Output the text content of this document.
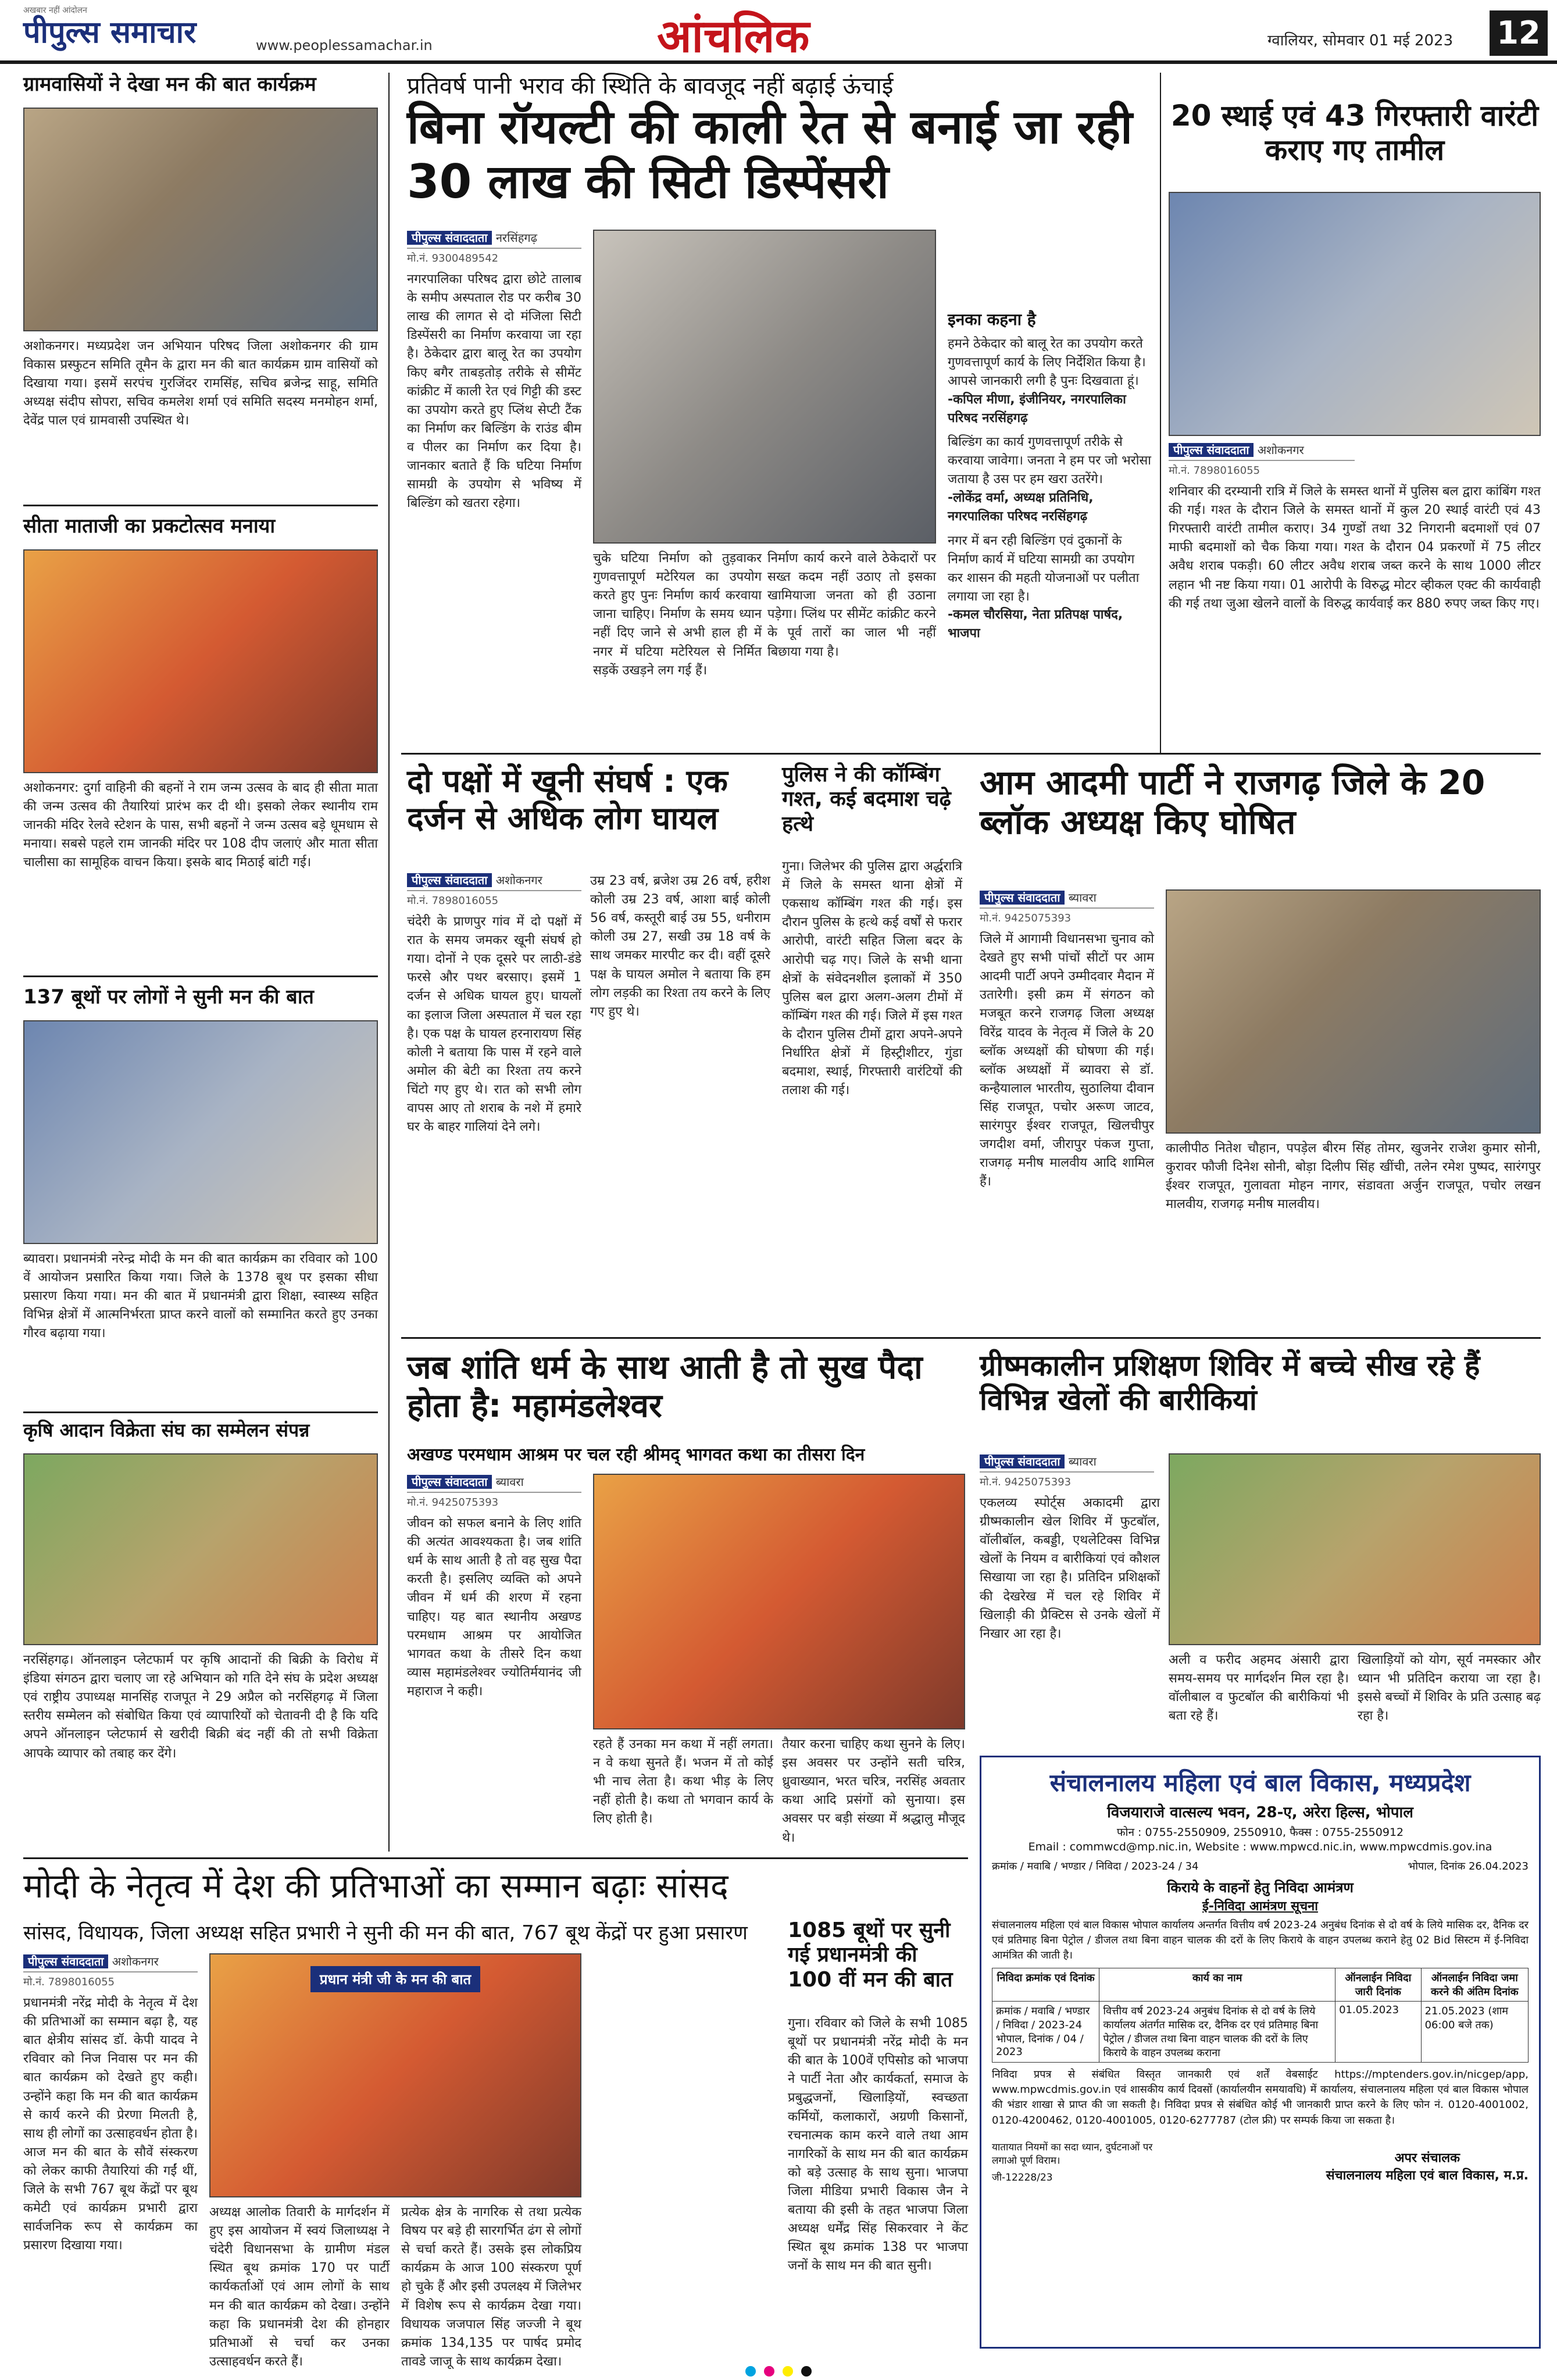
पीपुल्स समाचार
अखबार नहीं आंदोलन
www.peoplessamachar.in	आंचलिक	ग्वालियर, सोमवार 01 मई 2023 12
ग्रामवासियों ने देखा मन की बात कार्यक्रम
अशोकनगर। मध्यप्रदेश जन अभियान परिषद जिला अशोकनगर की ग्राम विकास प्रस्फुटन समिति तूमैन के द्वारा मन की बात कार्यक्रम ग्राम वासियों को दिखाया गया। इसमें सरपंच गुरजिंदर रामसिंह, सचिव ब्रजेन्द्र साहू, समिति अध्यक्ष संदीप सोपरा, सचिव कमलेश शर्मा एवं समिति सदस्य मनमोहन शर्मा, देवेंद्र पाल एवं ग्रामवासी उपस्थित थे।
सीता माताजी का प्रकटोत्सव मनाया
अशोकनगर: दुर्गा वाहिनी की बहनों ने राम जन्म उत्सव के बाद ही सीता माता की जन्म उत्सव की तैयारियां प्रारंभ कर दी थी। इसको लेकर स्थानीय राम जानकी मंदिर रेलवे स्टेशन के पास, सभी बहनों ने जन्म उत्सव बड़े धूमधाम से मनाया। सबसे पहले राम जानकी मंदिर पर 108 दीप जलाएं और माता सीता चालीसा का सामूहिक वाचन किया। इसके बाद मिठाई बांटी गई।
137 बूथों पर लोगों ने सुनी मन की बात
ब्यावरा। प्रधानमंत्री नरेन्द्र मोदी के मन की बात कार्यक्रम का रविवार को 100 वें आयोजन प्रसारित किया गया। जिले के 1378 बूथ पर इसका सीधा प्रसारण किया गया। मन की बात में प्रधानमंत्री द्वारा शिक्षा, स्वास्थ्य सहित विभिन्न क्षेत्रों में आत्मनिर्भरता प्राप्त करने वालों को सम्मानित करते हुए उनका गौरव बढ़ाया गया।
कृषि आदान विक्रेता संघ का सम्मेलन संपन्न
नरसिंहगढ़। ऑनलाइन प्लेटफार्म पर कृषि आदानों की बिक्री के विरोध में इंडिया संगठन द्वारा चलाए जा रहे अभियान को गति देने संघ के प्रदेश अध्यक्ष एवं राष्ट्रीय उपाध्यक्ष मानसिंह राजपूत ने 29 अप्रैल को नरसिंहगढ़ में जिला स्तरीय सम्मेलन को संबोधित किया एवं व्यापारियों को चेतावनी दी है कि यदि अपने ऑनलाइन प्लेटफार्म से खरीदी बिक्री बंद नहीं की तो सभी विक्रेता आपके व्यापार को तबाह कर देंगे।
प्रतिवर्ष पानी भराव की स्थिति के बावजूद नहीं बढ़ाई ऊंचाई
बिना रॉयल्टी की काली रेत से बनाई जा रही 30 लाख की सिटी डिस्पेंसरी
पीपुल्स संवाददाता नरसिंहगढ़
मो.नं. 9300489542
नगरपालिका परिषद द्वारा छोटे तालाब के समीप अस्पताल रोड पर करीब 30 लाख की लागत से दो मंजिला सिटी डिस्पेंसरी का निर्माण करवाया जा रहा है। ठेकेदार द्वारा बालू रेत का उपयोग किए बगैर ताबड़तोड़ तरीके से सीमेंट कांक्रीट में काली रेत एवं गिट्टी की डस्ट का उपयोग करते हुए प्लिंथ सेप्टी टैंक का निर्माण कर बिल्डिंग के राउंड बीम व पीलर का निर्माण कर दिया है। जानकार बताते हैं कि घटिया निर्माण सामग्री के उपयोग से भविष्य में बिल्डिंग को खतरा रहेगा।
चुके घटिया निर्माण को तुड़वाकर गुणवत्तापूर्ण मटेरियल का उपयोग करते हुए पुनः निर्माण कार्य करवाया जाना चाहिए। निर्माण के समय ध्यान नहीं दिए जाने से अभी हाल ही में नगर में घटिया मटेरियल से निर्मित सड़कें उखड़ने लग गई हैं।
निर्माण कार्य करने वाले ठेकेदारों पर सख्त कदम नहीं उठाए तो इसका खामियाजा जनता को ही उठाना पड़ेगा। प्लिंथ पर सीमेंट कांक्रीट करने के पूर्व तारों का जाल भी नहीं बिछाया गया है।
इनका कहना है
हमने ठेकेदार को बालू रेत का उपयोग करते गुणवत्तापूर्ण कार्य के लिए निर्देशित किया है। आपसे जानकारी लगी है पुनः दिखवाता हूं।
-कपिल मीणा, इंजीनियर, नगरपालिका परिषद नरसिंहगढ़
बिल्डिंग का कार्य गुणवत्तापूर्ण तरीके से करवाया जावेगा। जनता ने हम पर जो भरोसा जताया है उस पर हम खरा उतरेंगे।
-लोकेंद्र वर्मा, अध्यक्ष प्रतिनिधि, नगरपालिका परिषद नरसिंहगढ़
नगर में बन रही बिल्डिंग एवं दुकानों के निर्माण कार्य में घटिया सामग्री का उपयोग कर शासन की महती योजनाओं पर पलीता लगाया जा रहा है।
-कमल चौरसिया, नेता प्रतिपक्ष पार्षद, भाजपा
20 स्थाई एवं 43 गिरफ्तारी वारंटी कराए गए तामील
पीपुल्स संवाददाता अशोकनगर
मो.नं. 7898016055
शनिवार की दरम्यानी रात्रि में जिले के समस्त थानों में पुलिस बल द्वारा कांबिंग गश्त की गई। गश्त के दौरान जिले के समस्त थानों में कुल 20 स्थाई वारंटी एवं 43 गिरफ्तारी वारंटी तामील कराए। 34 गुण्डों तथा 32 निगरानी बदमाशों एवं 07 माफी बदमाशों को चैक किया गया। गश्त के दौरान 04 प्रकरणों में 75 लीटर अवैध शराब पकड़ी। 60 लीटर अवैध शराब जब्त करने के साथ 1000 लीटर लहान भी नष्ट किया गया। 01 आरोपी के विरुद्ध मोटर व्हीकल एक्ट की कार्यवाही की गई तथा जुआ खेलने वालों के विरुद्ध कार्यवाई कर 880 रुपए जब्त किए गए।
दो पक्षों में खूनी संघर्ष : एक दर्जन से अधिक लोग घायल
पीपुल्स संवाददाता अशोकनगर
मो.नं. 7898016055
चंदेरी के प्राणपुर गांव में दो पक्षों में रात के समय जमकर खूनी संघर्ष हो गया। दोनों ने एक दूसरे पर लाठी-डंडे फरसे और पथर बरसाए। इसमें 1 दर्जन से अधिक घायल हुए। घायलों का इलाज जिला अस्पताल में चल रहा है। एक पक्ष के घायल हरनारायण सिंह कोली ने बताया कि पास में रहने वाले अमोल की बेटी का रिश्ता तय करने चिंटो गए हुए थे। रात को सभी लोग वापस आए तो शराब के नशे में हमारे घर के बाहर गालियां देने लगे।
उम्र 23 वर्ष, ब्रजेश उम्र 26 वर्ष, हरीश कोली उम्र 23 वर्ष, आशा बाई कोली 56 वर्ष, कस्तूरी बाई उम्र 55, धनीराम कोली उम्र 27, सखी उम्र 18 वर्ष के साथ जमकर मारपीट कर दी। वहीं दूसरे पक्ष के घायल अमोल ने बताया कि हम लोग लड़की का रिश्ता तय करने के लिए गए हुए थे।
पुलिस ने की कॉम्बिंग गश्त, कई बदमाश चढ़े हत्थे
गुना। जिलेभर की पुलिस द्वारा अर्द्धरात्रि में जिले के समस्त थाना क्षेत्रों में एकसाथ कॉम्बिंग गश्त की गई। इस दौरान पुलिस के हत्थे कई वर्षों से फरार आरोपी, वारंटी सहित जिला बदर के आरोपी चढ़ गए। जिले के सभी थाना क्षेत्रों के संवेदनशील इलाकों में 350 पुलिस बल द्वारा अलग-अलग टीमों में कॉम्बिंग गश्त की गई। जिले में इस गश्त के दौरान पुलिस टीमों द्वारा अपने-अपने निर्धारित क्षेत्रों में हिस्ट्रीशीटर, गुंडा बदमाश, स्थाई, गिरफ्तारी वारंटियों की तलाश की गई।
आम आदमी पार्टी ने राजगढ़ जिले के 20 ब्लॉक अध्यक्ष किए घोषित
पीपुल्स संवाददाता ब्यावरा
मो.नं. 9425075393
जिले में आगामी विधानसभा चुनाव को देखते हुए सभी पांचों सीटों पर आम आदमी पार्टी अपने उम्मीदवार मैदान में उतारेगी। इसी क्रम में संगठन को मजबूत करने राजगढ़ जिला अध्यक्ष विरेंद्र यादव के नेतृत्व में जिले के 20 ब्लॉक अध्यक्षों की घोषणा की गई। ब्लॉक अध्यक्षों में ब्यावरा से डॉ. कन्हैयालाल भारतीय, सुठालिया दीवान सिंह राजपूत, पचोर अरूण जाटव, सारंगपुर ईश्वर राजपूत, खिलचीपुर जगदीश वर्मा, जीरापुर पंकज गुप्ता, राजगढ़ मनीष मालवीय आदि शामिल हैं।
कालीपीठ नितेश चौहान, पपड़ेल बीरम सिंह तोमर, खुजनेर राजेश कुमार सोनी, कुरावर फौजी दिनेश सोनी, बोड़ा दिलीप सिंह खींची, तलेन रमेश पुष्पद, सारंगपुर ईश्वर राजपूत, गुलावता मोहन नागर, संडावता अर्जुन राजपूत, पचोर लखन मालवीय, राजगढ़ मनीष मालवीय।
जब शांति धर्म के साथ आती है तो सुख पैदा होता है: महामंडलेश्वर
अखण्ड परमधाम आश्रम पर चल रही श्रीमद् भागवत कथा का तीसरा दिन
पीपुल्स संवाददाता ब्यावरा
मो.नं. 9425075393
जीवन को सफल बनाने के लिए शांति की अत्यंत आवश्यकता है। जब शांति धर्म के साथ आती है तो वह सुख पैदा करती है। इसलिए व्यक्ति को अपने जीवन में धर्म की शरण में रहना चाहिए। यह बात स्थानीय अखण्ड परमधाम आश्रम पर आयोजित भागवत कथा के तीसरे दिन कथा व्यास महामंडलेश्वर ज्योतिर्मयानंद जी महाराज ने कही।
रहते हैं उनका मन कथा में नहीं लगता। न वे कथा सुनते हैं। भजन में तो कोई भी नाच लेता है। कथा भीड़ के लिए नहीं होती है। कथा तो भगवान कार्य के लिए होती है।
तैयार करना चाहिए कथा सुनने के लिए। इस अवसर पर उन्होंने सती चरित्र, ध्रुवाख्यान, भरत चरित्र, नरसिंह अवतार कथा आदि प्रसंगों को सुनाया। इस अवसर पर बड़ी संख्या में श्रद्धालु मौजूद थे।
ग्रीष्मकालीन प्रशिक्षण शिविर में बच्चे सीख रहे हैं विभिन्न खेलों की बारीकियां
पीपुल्स संवाददाता ब्यावरा
मो.नं. 9425075393
एकलव्य स्पोर्ट्स अकादमी द्वारा ग्रीष्मकालीन खेल शिविर में फुटबॉल, वॉलीबॉल, कबड्डी, एथलेटिक्स विभिन्न खेलों के नियम व बारीकियां एवं कौशल सिखाया जा रहा है। प्रतिदिन प्रशिक्षकों की देखरेख में चल रहे शिविर में खिलाड़ी की प्रैक्टिस से उनके खेलों में निखार आ रहा है।
अली व फरीद अहमद अंसारी द्वारा समय-समय पर मार्गदर्शन मिल रहा है। वॉलीबाल व फुटबॉल की बारीकियां भी बता रहे हैं।
खिलाड़ियों को योग, सूर्य नमस्कार और ध्यान भी प्रतिदिन कराया जा रहा है। इससे बच्चों में शिविर के प्रति उत्साह बढ़ रहा है।
संचालनालय महिला एवं बाल विकास, मध्यप्रदेश
विजयाराजे वात्सल्य भवन, 28-ए, अरेरा हिल्स, भोपाल
फोन : 0755-2550909, 2550910, फैक्स : 0755-2550912
Email : commwcd@mp.nic.in, Website : www.mpwcd.nic.in, www.mpwcdmis.gov.ina
क्रमांक / मवाबि / भण्डार / निविदा / 2023-24 / 34	भोपाल, दिनांक 26.04.2023
किराये के वाहनों हेतु निविदा आमंत्रण
ई-निविदा आमंत्रण सूचना
संचालनालय महिला एवं बाल विकास भोपाल कार्यालय अन्तर्गत वित्तीय वर्ष 2023-24 अनुबंध दिनांक से दो वर्ष के लिये मासिक दर, दैनिक दर एवं प्रतिमाह बिना पेट्रोल / डीजल तथा बिना वाहन चालक की दरों के लिए किराये के वाहन उपलब्ध कराने हेतु 02 Bid सिस्टम में ई-निविदा आमंत्रित की जाती है।
निविदा क्रमांक एवं दिनांक	कार्य का नाम	ऑनलाईन निविदा जारी दिनांक	ऑनलाईन निविदा जमा करने की अंतिम दिनांक
क्रमांक / मवाबि / भण्डार / निविदा / 2023-24 भोपाल, दिनांक / 04 / 2023	वित्तीय वर्ष 2023-24 अनुबंध दिनांक से दो वर्ष के लिये कार्यालय अंतर्गत मासिक दर, दैनिक दर एवं प्रतिमाह बिना पेट्रोल / डीजल तथा बिना वाहन चालक की दरों के लिए किराये के वाहन उपलब्ध कराना	01.05.2023	21.05.2023 (शाम 06:00 बजे तक)
निविदा प्रपत्र से संबंधित विस्तृत जानकारी एवं शर्तें वेबसाईट https://mptenders.gov.in/nicgep/app, www.mpwcdmis.gov.in एवं शासकीय कार्य दिवसों (कार्यालयीन समयावधि) में कार्यालय, संचालनालय महिला एवं बाल विकास भोपाल की भंडार शाखा से प्राप्त की जा सकती है। निविदा प्रपत्र से संबंधित कोई भी जानकारी प्राप्त करने के लिए फोन नं. 0120-4001002, 0120-4200462, 0120-4001005, 0120-6277787 (टोल फ्री) पर सम्पर्क किया जा सकता है।
यातायात नियमों का सदा ध्यान, दुर्घटनाओं पर लगाओ पूर्ण विराम।
जी-12228/23
अपर संचालक
संचालनालय महिला एवं बाल विकास, म.प्र.
मोदी के नेतृत्व में देश की प्रतिभाओं का सम्मान बढ़ाः सांसद
सांसद, विधायक, जिला अध्यक्ष सहित प्रभारी ने सुनी की मन की बात, 767 बूथ केंद्रों पर हुआ प्रसारण
पीपुल्स संवाददाता अशोकनगर
मो.नं. 7898016055
प्रधानमंत्री नरेंद्र मोदी के नेतृत्व में देश की प्रतिभाओं का सम्मान बढ़ा है, यह बात क्षेत्रीय सांसद डॉ. केपी यादव ने रविवार को निज निवास पर मन की बात कार्यक्रम को देखते हुए कही। उन्होंने कहा कि मन की बात कार्यक्रम से कार्य करने की प्रेरणा मिलती है, साथ ही लोगों का उत्साहवर्धन होता है। आज मन की बात के सौवें संस्करण को लेकर काफी तैयारियां की गईं थीं, जिले के सभी 767 बूथ केंद्रों पर बूथ कमेटी एवं कार्यक्रम प्रभारी द्वारा सार्वजनिक रूप से कार्यक्रम का प्रसारण दिखाया गया।
प्रधान मंत्री जी के मन की बात
अध्यक्ष आलोक तिवारी के मार्गदर्शन में हुए इस आयोजन में स्वयं जिलाध्यक्ष ने चंदेरी विधानसभा के ग्रामीण मंडल स्थित बूथ क्रमांक 170 पर पार्टी कार्यकर्ताओं एवं आम लोगों के साथ मन की बात कार्यक्रम को देखा। उन्होंने कहा कि प्रधानमंत्री देश की होनहार प्रतिभाओं से चर्चा कर उनका उत्साहवर्धन करते हैं।
प्रत्येक क्षेत्र के नागरिक से तथा प्रत्येक विषय पर बड़े ही सारगर्भित ढंग से लोगों से चर्चा करते हैं। उसके इस लोकप्रिय कार्यक्रम के आज 100 संस्करण पूर्ण हो चुके हैं और इसी उपलक्ष्य में जिलेभर में विशेष रूप से कार्यक्रम देखा गया। विधायक जजपाल सिंह जज्जी ने बूथ क्रमांक 134,135 पर पार्षद प्रमोद तावडे जाजू के साथ कार्यक्रम देखा।
1085 बूथों पर सुनी गई प्रधानमंत्री की 100 वीं मन की बात
गुना। रविवार को जिले के सभी 1085 बूथों पर प्रधानमंत्री नरेंद्र मोदी के मन की बात के 100वें एपिसोड को भाजपा ने पार्टी नेता और कार्यकर्ता, समाज के प्रबुद्धजनों, खिलाड़ियों, स्वच्छता कर्मियों, कलाकारों, अग्रणी किसानों, रचनात्मक काम करने वाले तथा आम नागरिकों के साथ मन की बात कार्यक्रम को बड़े उत्साह के साथ सुना। भाजपा जिला मीडिया प्रभारी विकास जैन ने बताया की इसी के तहत भाजपा जिला अध्यक्ष धर्मेंद्र सिंह सिकरवार ने केंट स्थित बूथ क्रमांक 138 पर भाजपा जनों के साथ मन की बात सुनी।
